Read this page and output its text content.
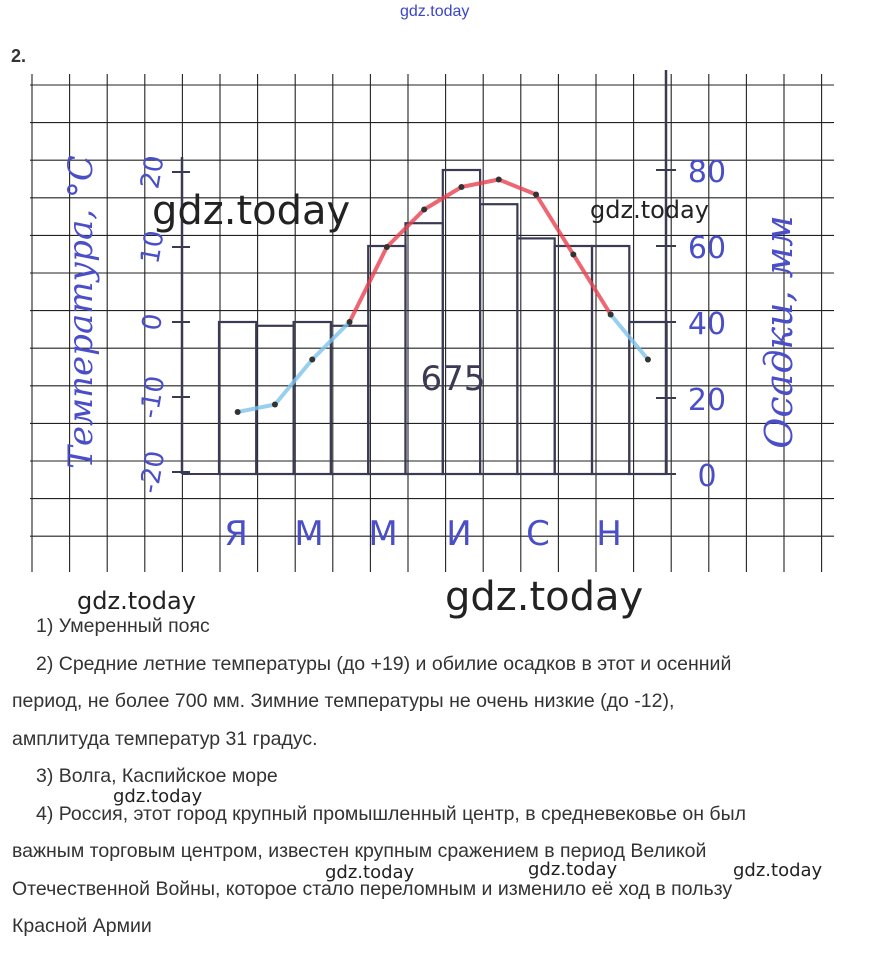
gdz.today
2.
20
10
0
-10
-20
80
60
40
20
0
Температура, °С	Осадки, мм
Я М М И С Н
675
gdz.today	gdz.today
gdz.today
gdz.today
gdz.today
gdz.today	gdz.today	gdz.today

1) Умеренный пояс

2) Средние летние температуры (до +19) и обилие осадков в этот и осенний

период, не более 700 мм. Зимние температуры не очень низкие (до -12),

амплитуда температур 31 градус.

3) Волга, Каспийское море

4) Россия, этот город крупный промышленный центр, в средневековье он был

важным торговым центром, известен крупным сражением в период Великой

Отечественной Войны, которое стало переломным и изменило её ход в пользу

Красной Армии
